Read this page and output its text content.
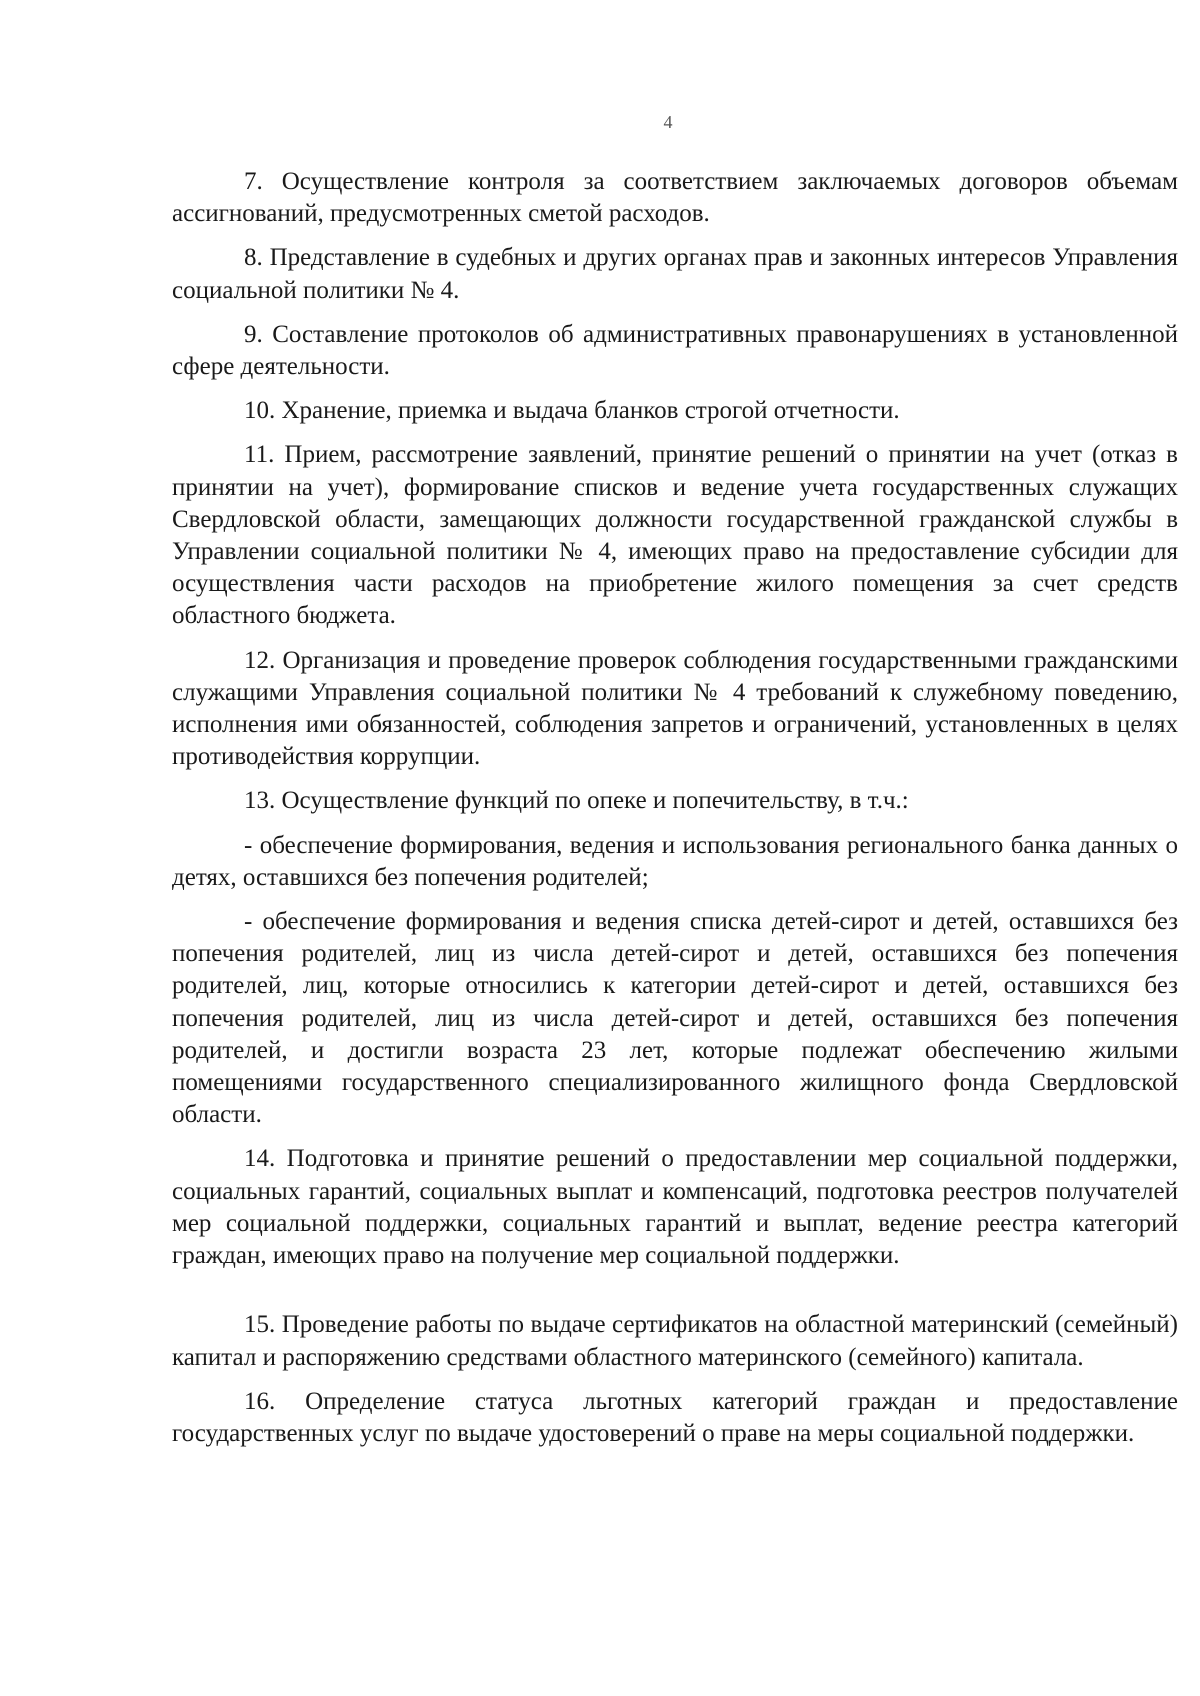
4

7. Осуществление контроля за соответствием заключаемых договоров объемам ассигнований, предусмотренных сметой расходов.

8. Представление в судебных и других органах прав и законных интересов Управления социальной политики № 4.

9. Составление протоколов об административных правонарушениях в установленной сфере деятельности.

10. Хранение, приемка и выдача бланков строгой отчетности.

11. Прием, рассмотрение заявлений, принятие решений о принятии на учет (отказ в принятии на учет), формирование списков и ведение учета государственных служащих Свердловской области, замещающих должности государственной гражданской службы в Управлении социальной политики № 4, имеющих право на предоставление субсидии для осуществления части расходов на приобретение жилого помещения за счет средств областного бюджета.

12. Организация и проведение проверок соблюдения государственными гражданскими служащими Управления социальной политики № 4 требований к служебному поведению, исполнения ими обязанностей, соблюдения запретов и ограничений, установленных в целях противодействия коррупции.

13. Осуществление функций по опеке и попечительству, в т.ч.:

- обеспечение формирования, ведения и использования регионального банка данных о детях, оставшихся без попечения родителей;

- обеспечение формирования и ведения списка детей-сирот и детей, оставшихся без попечения родителей, лиц из числа детей-сирот и детей, оставшихся без попечения родителей, лиц, которые относились к категории детей-сирот и детей, оставшихся без попечения родителей, лиц из числа детей-сирот и детей, оставшихся без попечения родителей, и достигли возраста 23 лет, которые подлежат обеспечению жилыми помещениями государственного специализированного жилищного фонда Свердловской области.

14. Подготовка и принятие решений о предоставлении мер социальной поддержки, социальных гарантий, социальных выплат и компенсаций, подготовка реестров получателей мер социальной поддержки, социальных гарантий и выплат, ведение реестра категорий граждан, имеющих право на получение мер социальной поддержки.

15. Проведение работы по выдаче сертификатов на областной материнский (семейный) капитал и распоряжению средствами областного материнского (семейного) капитала.

16. Определение статуса льготных категорий граждан и предоставление государственных услуг по выдаче удостоверений о праве на меры социальной поддержки.
